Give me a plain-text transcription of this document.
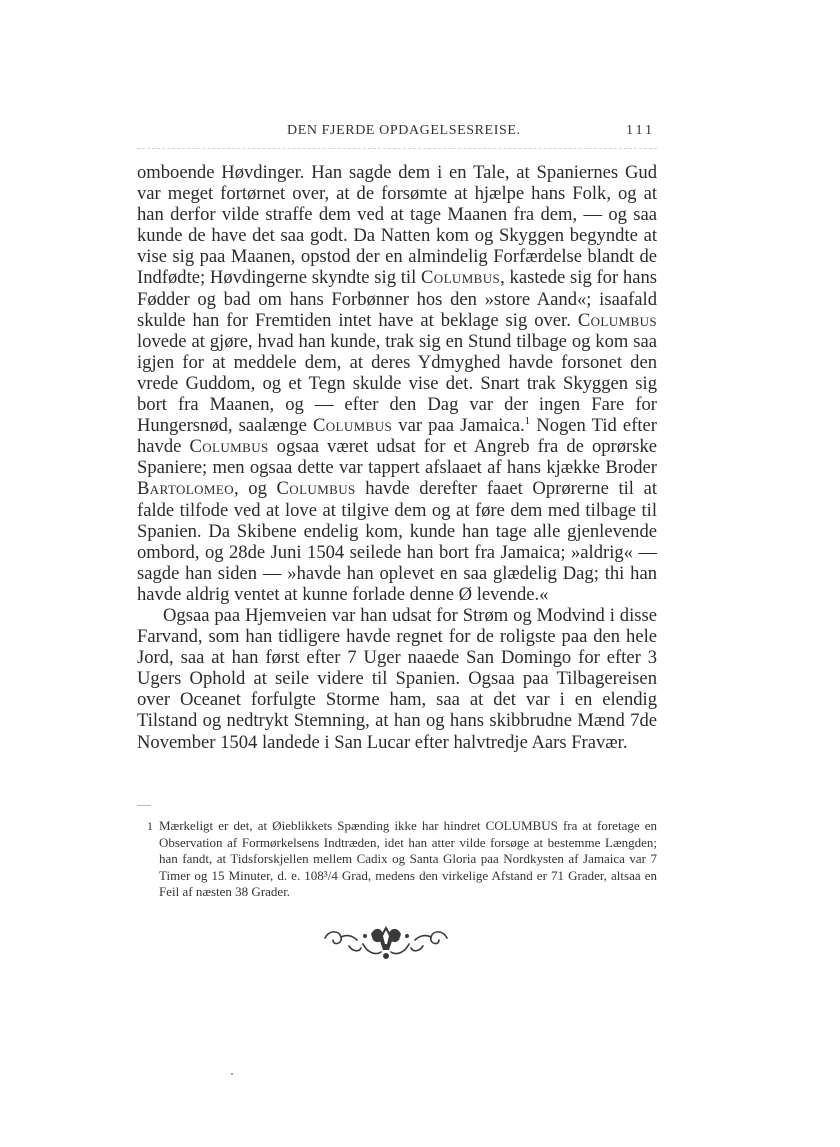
DEN FJERDE OPDAGELSESREISE.	111

omboende Høvdinger. Han sagde dem i en Tale, at Spaniernes Gud var meget fortørnet over, at de forsømte at hjælpe hans Folk, og at han derfor vilde straffe dem ved at tage Maanen fra dem, — og saa kunde de have det saa godt. Da Natten kom og Skyggen begyndte at vise sig paa Maanen, opstod der en almindelig Forfærdelse blandt de Indfødte; Høvdingerne skyndte sig til Columbus, kastede sig for hans Fødder og bad om hans Forbønner hos den »store Aand«; isaafald skulde han for Fremtiden intet have at beklage sig over. Columbus lovede at gjøre, hvad han kunde, trak sig en Stund tilbage og kom saa igjen for at meddele dem, at deres Ydmyghed havde forsonet den vrede Guddom, og et Tegn skulde vise det. Snart trak Skyggen sig bort fra Maanen, og — efter den Dag var der ingen Fare for Hungersnød, saalænge Columbus var paa Jamaica.$^1$ Nogen Tid efter havde Columbus ogsaa været udsat for et Angreb fra de oprørske Spaniere; men ogsaa dette var tappert afslaaet af hans kjække Broder Bartolomeo, og Columbus havde derefter faaet Oprørerne til at falde tilfode ved at love at tilgive dem og at føre dem med tilbage til Spanien. Da Skibene endelig kom, kunde han tage alle gjenlevende ombord, og 28de Juni 1504 seilede han bort fra Jamaica; »aldrig« — sagde han siden — »havde han oplevet en saa glædelig Dag; thi han havde aldrig ventet at kunne forlade denne Ø levende.«

Ogsaa paa Hjemveien var han udsat for Strøm og Modvind i disse Farvand, som han tidligere havde regnet for de roligste paa den hele Jord, saa at han først efter 7 Uger naaede San Domingo for efter 3 Ugers Ophold at seile videre til Spanien. Ogsaa paa Tilbagereisen over Oceanet forfulgte Storme ham, saa at det var i en elendig Tilstand og nedtrykt Stemning, at han og hans skibbrudne Mænd 7de November 1504 landede i San Lucar efter halvtredje Aars Fravær.

1 Mærkeligt er det, at Øieblikkets Spænding ikke har hindret COLUMBUS fra at foretage en Observation af Formørkelsens Indtræden, idet han atter vilde forsøge at bestemme Længden; han fandt, at Tidsforskjellen mellem Cadix og Santa Gloria paa Nordkysten af Jamaica var 7 Timer og 15 Minuter, d. e. 108³/4 Grad, medens den virkelige Afstand er 71 Grader, altsaa en Feil af næsten 38 Grader.
